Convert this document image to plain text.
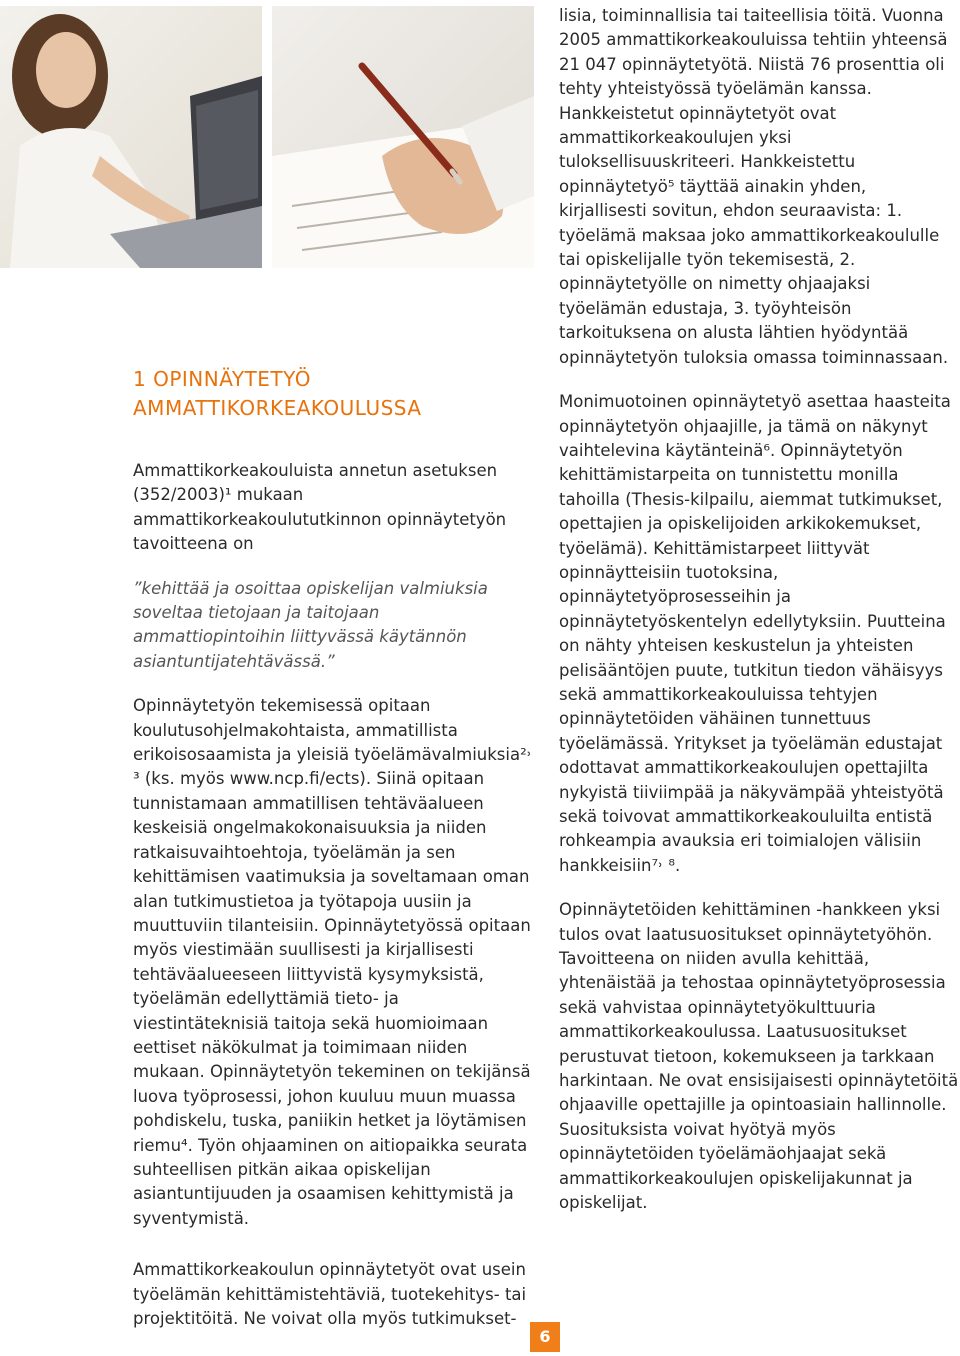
1 OPINNÄYTETYÖ
AMMATTIKORKEAKOULUSSA

Ammattikorkeakouluista annetun asetuksen (352/2003)¹ mukaan ammattikorkeakoulututkinnon opinnäytetyön tavoitteena on

”kehittää ja osoittaa opiskelijan valmiuksia soveltaa tietojaan ja taitojaan ammattiopintoihin liittyvässä käytännön asiantuntijatehtävässä.”

Opinnäytetyön tekemisessä opitaan koulutusohjelmakohtaista, ammatillista erikoisosaamista ja yleisiä työelämävalmiuksia²˒ ³ (ks. myös www.ncp.fi/ects). Siinä opitaan tunnistamaan ammatillisen tehtäväalueen keskeisiä ongelmakokonaisuuksia ja niiden ratkaisuvaihtoehtoja, työelämän ja sen kehittämisen vaatimuksia ja soveltamaan oman alan tutkimustietoa ja työtapoja uusiin ja muuttuviin tilanteisiin. Opinnäytetyössä opitaan myös viestimään suullisesti ja kirjallisesti tehtäväalueeseen liittyvistä kysymyksistä, työelämän edellyttämiä tieto- ja viestintäteknisiä taitoja sekä huomioimaan eettiset näkökulmat ja toimimaan niiden mukaan. Opinnäytetyön tekeminen on tekijänsä luova työprosessi, johon kuuluu muun muassa pohdiskelu, tuska, paniikin hetket ja löytämisen riemu⁴. Työn ohjaaminen on aitiopaikka seurata suhteellisen pitkän aikaa opiskelijan asiantuntijuuden ja osaamisen kehittymistä ja syventymistä.

Ammattikorkeakoulun opinnäytetyöt ovat usein työelämän kehittämistehtäviä, tuotekehitys- tai projektitöitä. Ne voivat olla myös tutkimukset-

lisia, toiminnallisia tai taiteellisia töitä. Vuonna 2005 ammattikorkeakouluissa tehtiin yhteensä 21 047 opinnäytetyötä. Niistä 76 prosenttia oli tehty yhteistyössä työelämän kanssa. Hankkeistetut opinnäytetyöt ovat ammattikorkeakoulujen yksi tuloksellisuuskriteeri. Hankkeistettu opinnäytetyö⁵ täyttää ainakin yhden, kirjallisesti sovitun, ehdon seuraavista: 1. työelämä maksaa joko ammattikorkeakoululle tai opiskelijalle työn tekemisestä, 2. opinnäytetyölle on nimetty ohjaajaksi työelämän edustaja, 3. työyhteisön tarkoituksena on alusta lähtien hyödyntää opinnäytetyön tuloksia omassa toiminnassaan.

Monimuotoinen opinnäytetyö asettaa haasteita opinnäytetyön ohjaajille, ja tämä on näkynyt vaihtelevina käytänteinä⁶. Opinnäytetyön kehittämistarpeita on tunnistettu monilla tahoilla (Thesis-kilpailu, aiemmat tutkimukset, opettajien ja opiskelijoiden arkikokemukset, työelämä). Kehittämistarpeet liittyvät opinnäytteisiin tuotoksina, opinnäytetyöprosesseihin ja opinnäytetyöskentelyn edellytyksiin. Puutteina on nähty yhteisen keskustelun ja yhteisten pelisääntöjen puute, tutkitun tiedon vähäisyys sekä ammattikorkeakouluissa tehtyjen opinnäytetöiden vähäinen tunnettuus työelämässä. Yritykset ja työelämän edustajat odottavat ammattikorkeakoulujen opettajilta nykyistä tiiviimpää ja näkyvämpää yhteistyötä sekä toivovat ammattikorkeakouluilta entistä rohkeampia avauksia eri toimialojen välisiin hankkeisiin⁷˒ ⁸.

Opinnäytetöiden kehittäminen -hankkeen yksi tulos ovat laatusuositukset opinnäytetyöhön. Tavoitteena on niiden avulla kehittää, yhtenäistää ja tehostaa opinnäytetyöprosessia sekä vahvistaa opinnäytetyökulttuuria ammattikorkeakoulussa. Laatusuositukset perustuvat tietoon, kokemukseen ja tarkkaan harkintaan. Ne ovat ensisijaisesti opinnäytetöitä ohjaaville opettajille ja opintoasiain hallinnolle. Suosituksista voivat hyötyä myös opinnäytetöiden työelämäohjaajat sekä ammattikorkeakoulujen opiskelijakunnat ja opiskelijat.

6
